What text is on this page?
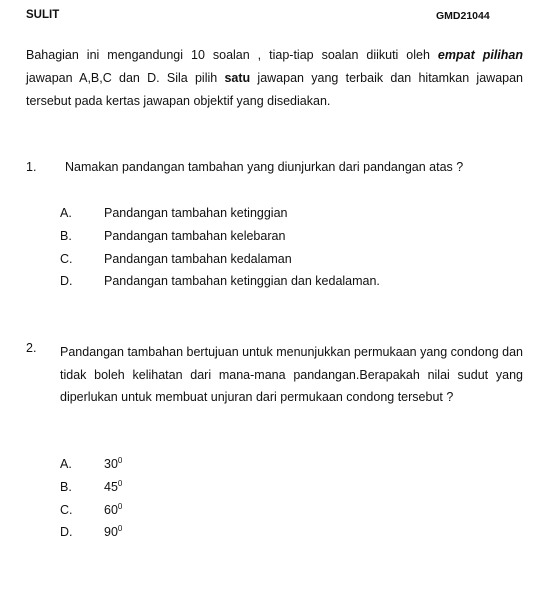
SULIT	GMD21044
Bahagian ini mengandungi 10 soalan , tiap-tiap soalan diikuti oleh empat pilihan jawapan A,B,C dan D. Sila pilih satu jawapan yang terbaik dan hitamkan jawapan tersebut pada kertas jawapan objektif yang disediakan.
1. Namakan pandangan tambahan yang diunjurkan dari pandangan atas ?
A.	Pandangan tambahan ketinggian
B.	Pandangan tambahan kelebaran
C.	Pandangan tambahan kedalaman
D.	Pandangan tambahan ketinggian dan kedalaman.
2. Pandangan tambahan bertujuan untuk menunjukkan permukaan yang condong dan tidak boleh kelihatan dari mana-mana pandangan.Berapakah nilai sudut yang diperlukan untuk membuat unjuran dari permukaan condong tersebut ?
A.	$30^0$
B.	$45^0$
C.	$60^0$
D.	$90^0$
